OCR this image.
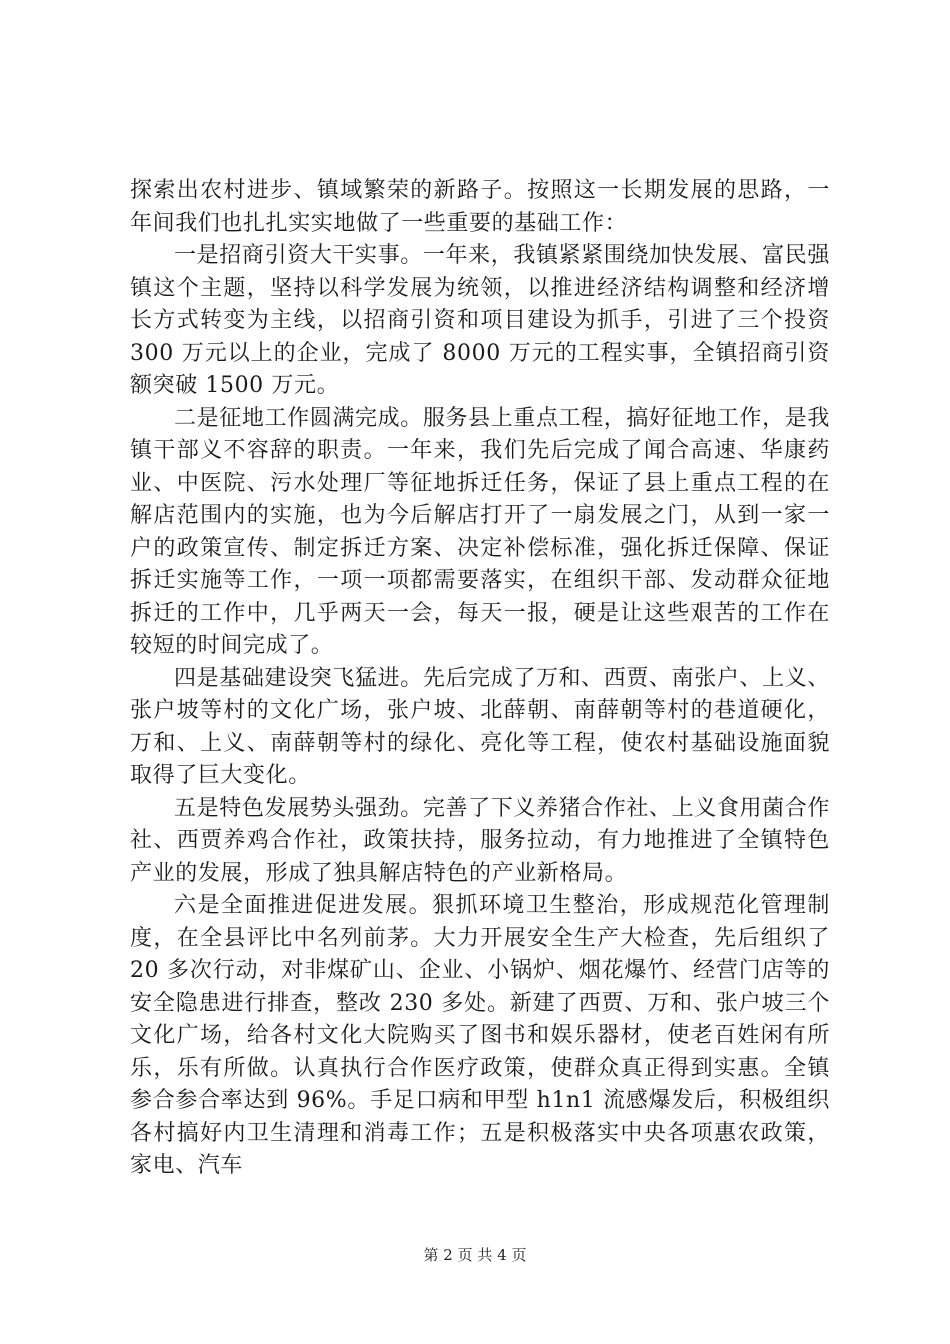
探索出农村进步、镇域繁荣的新路子。按照这一长期发展的思路，一年间我们也扎扎实实地做了一些重要的基础工作：

一是招商引资大干实事。一年来，我镇紧紧围绕加快发展、富民强镇这个主题，坚持以科学发展为统领，以推进经济结构调整和经济增长方式转变为主线，以招商引资和项目建设为抓手，引进了三个投资 300 万元以上的企业，完成了 8000 万元的工程实事，全镇招商引资额突破 1500 万元。

二是征地工作圆满完成。服务县上重点工程，搞好征地工作，是我镇干部义不容辞的职责。一年来，我们先后完成了闻合高速、华康药业、中医院、污水处理厂等征地拆迁任务，保证了县上重点工程的在解店范围内的实施，也为今后解店打开了一扇发展之门，从到一家一户的政策宣传、制定拆迁方案、决定补偿标准，强化拆迁保障、保证拆迁实施等工作，一项一项都需要落实，在组织干部、发动群众征地拆迁的工作中，几乎两天一会，每天一报，硬是让这些艰苦的工作在较短的时间完成了。

四是基础建设突飞猛进。先后完成了万和、西贾、南张户、上义、张户坡等村的文化广场，张户坡、北薛朝、南薛朝等村的巷道硬化，万和、上义、南薛朝等村的绿化、亮化等工程，使农村基础设施面貌取得了巨大变化。

五是特色发展势头强劲。完善了下义养猪合作社、上义食用菌合作社、西贾养鸡合作社，政策扶持，服务拉动，有力地推进了全镇特色产业的发展，形成了独具解店特色的产业新格局。

六是全面推进促进发展。狠抓环境卫生整治，形成规范化管理制度，在全县评比中名列前茅。大力开展安全生产大检查，先后组织了 20 多次行动，对非煤矿山、企业、小锅炉、烟花爆竹、经营门店等的安全隐患进行排查，整改 230 多处。新建了西贾、万和、张户坡三个文化广场，给各村文化大院购买了图书和娱乐器材，使老百姓闲有所乐，乐有所做。认真执行合作医疗政策，使群众真正得到实惠。全镇参合参合率达到 96%。手足口病和甲型 h1n1 流感爆发后，积极组织各村搞好内卫生清理和消毒工作；五是积极落实中央各项惠农政策，家电、汽车

第 2 页 共 4 页
